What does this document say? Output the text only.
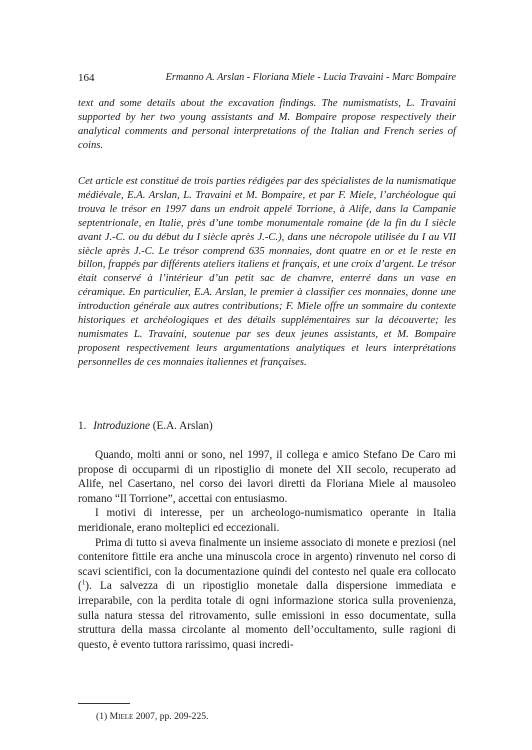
164	Ermanno A. Arslan - Floriana Miele - Lucia Travaini - Marc Bompaire
text and some details about the excavation findings. The numismatists, L. Travaini supported by her two young assistants and M. Bompaire propose respectively their analytical comments and personal interpretations of the Italian and French series of coins.
Cet article est constitué de trois parties rédigées par des spécialistes de la numismatique médiévale, E.A. Arslan, L. Travaini et M. Bompaire, et par F. Miele, l’archéologue qui trouva le trésor en 1997 dans un endroit appelé Torrione, à Alife, dans la Campanie septentrionale, en Italie, près d’une tombe monumentale romaine (de la fin du I siècle avant J.-C. ou du début du I siècle après J.-C.), dans une nécropole utilisée du I au VII siècle après J.-C. Le trésor comprend 635 monnaies, dont quatre en or et le reste en billon, frappés par différents ateliers italiens et français, et une croix d’argent. Le trésor était conservé à l’intérieur d’un petit sac de chanvre, enterré dans un vase en céramique. En particulier, E.A. Arslan, le premier à classifier ces monnaies, donne une introduction générale aux autres contributions; F. Miele offre un sommaire du contexte historiques et archéologiques et des détails supplémentaires sur la découverte; les numismates L. Travaini, soutenue par ses deux jeunes assistants, et M. Bompaire proposent respectivement leurs argumentations analytiques et leurs interprétations personnelles de ces monnaies italiennes et françaises.
1. Introduzione (E.A. Arslan)

Quando, molti anni or sono, nel 1997, il collega e amico Stefano De Caro mi propose di occuparmi di un ripostiglio di monete del XII secolo, recuperato ad Alife, nel Casertano, nel corso dei lavori diretti da Floriana Miele al mausoleo romano “Il Torrione”, accettai con entusiasmo.

I motivi di interesse, per un archeologo-numismatico operante in Italia meridionale, erano molteplici ed eccezionali.

Prima di tutto si aveva finalmente un insieme associato di monete e preziosi (nel contenitore fittile era anche una minuscola croce in argento) rinvenuto nel corso di scavi scientifici, con la documentazione quindi del contesto nel quale era collocato ($^1$). La salvezza di un ripostiglio monetale dalla dispersione immediata e irreparabile, con la perdita totale di ogni informazione storica sulla provenienza, sulla natura stessa del ritrovamento, sulle emissioni in esso documentate, sulla struttura della massa circolante al momento dell’occultamento, sulle ragioni di questo, è evento tuttora rarissimo, quasi incredi-

(1) Miele 2007, pp. 209-225.
